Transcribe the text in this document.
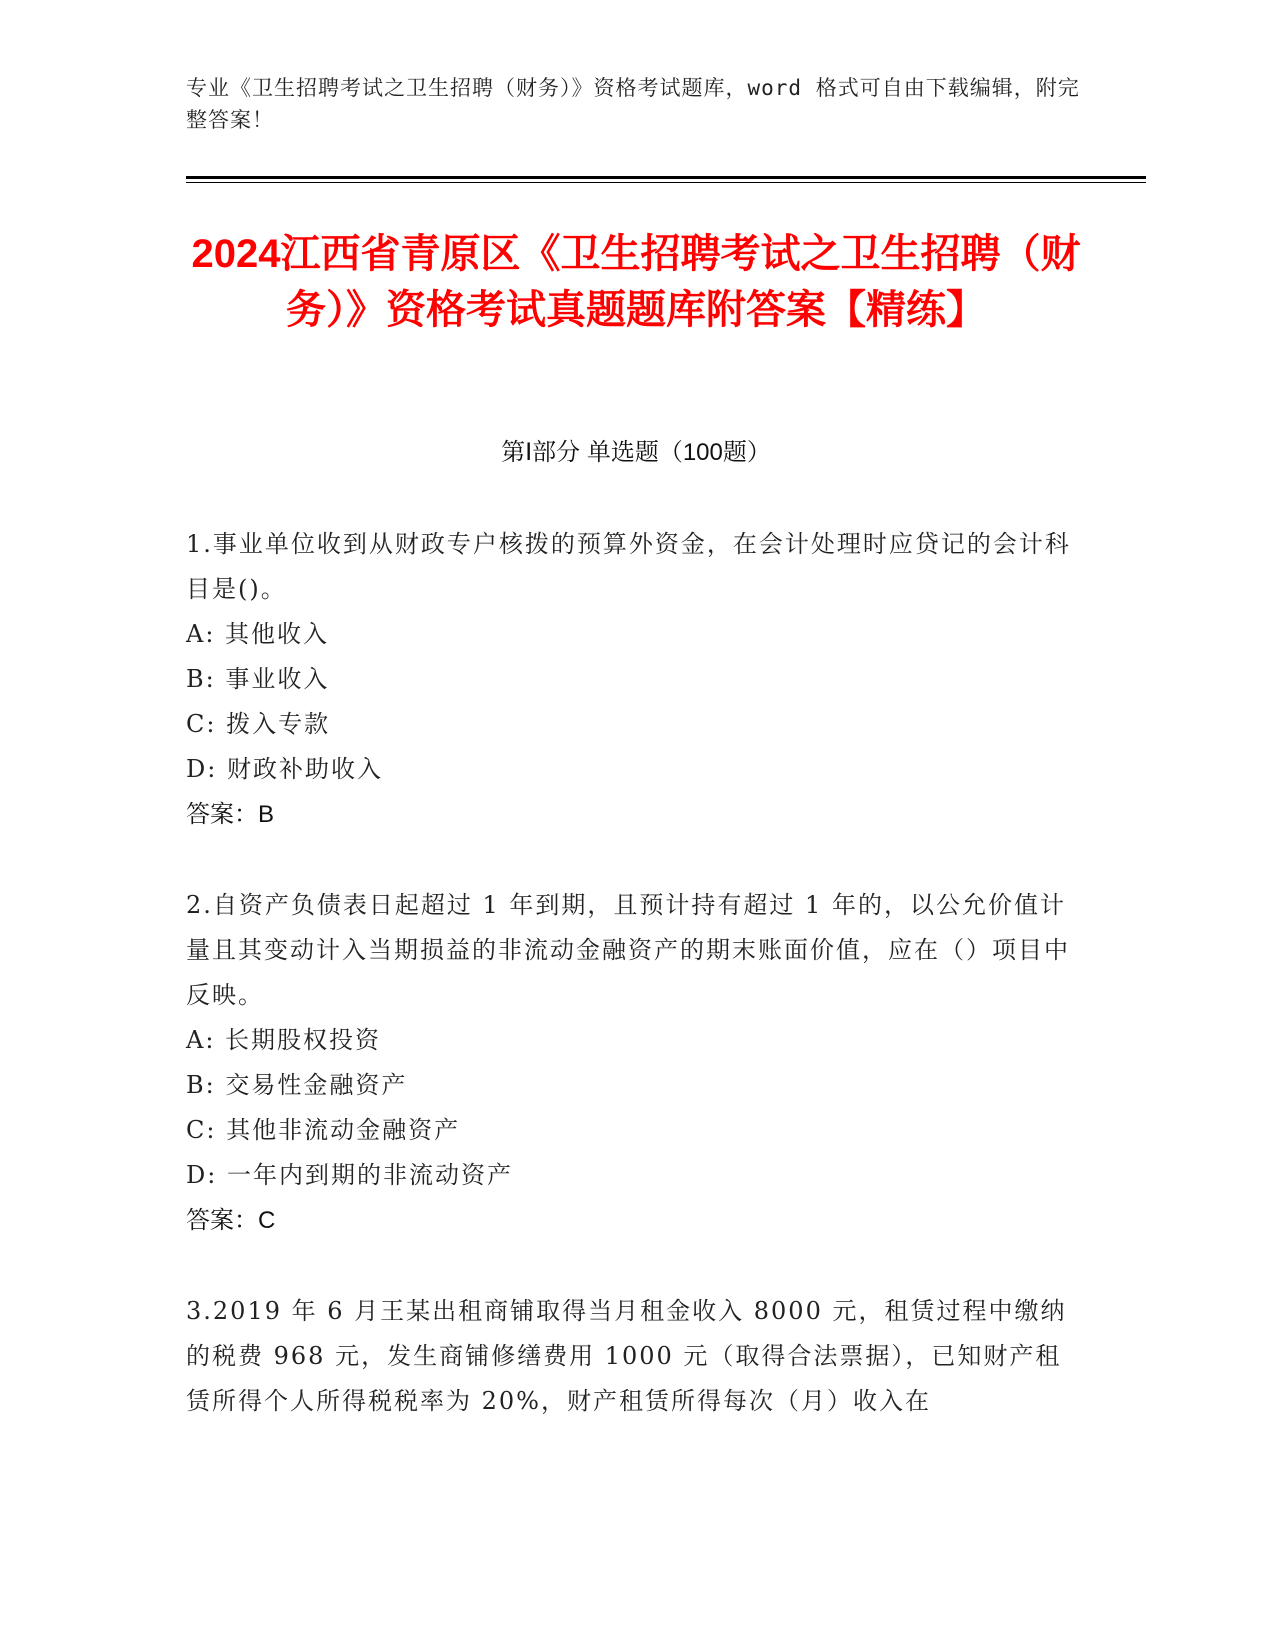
专业《卫生招聘考试之卫生招聘（财务）》资格考试题库，word 格式可自由下载编辑，附完整答案！
2024江西省青原区《卫生招聘考试之卫生招聘（财务）》资格考试真题题库附答案【精练】
第Ⅰ部分 单选题（100题）
1.事业单位收到从财政专户核拨的预算外资金，在会计处理时应贷记的会计科目是()。
A: 其他收入
B: 事业收入
C: 拨入专款
D: 财政补助收入
答案：B
2.自资产负债表日起超过 1 年到期，且预计持有超过 1 年的，以公允价值计量且其变动计入当期损益的非流动金融资产的期末账面价值，应在（）项目中反映。
A: 长期股权投资
B: 交易性金融资产
C: 其他非流动金融资产
D: 一年内到期的非流动资产
答案：C
3.2019 年 6 月王某出租商铺取得当月租金收入 8000 元，租赁过程中缴纳的税费 968 元，发生商铺修缮费用 1000 元（取得合法票据），已知财产租赁所得个人所得税税率为 20%，财产租赁所得每次（月）收入在
